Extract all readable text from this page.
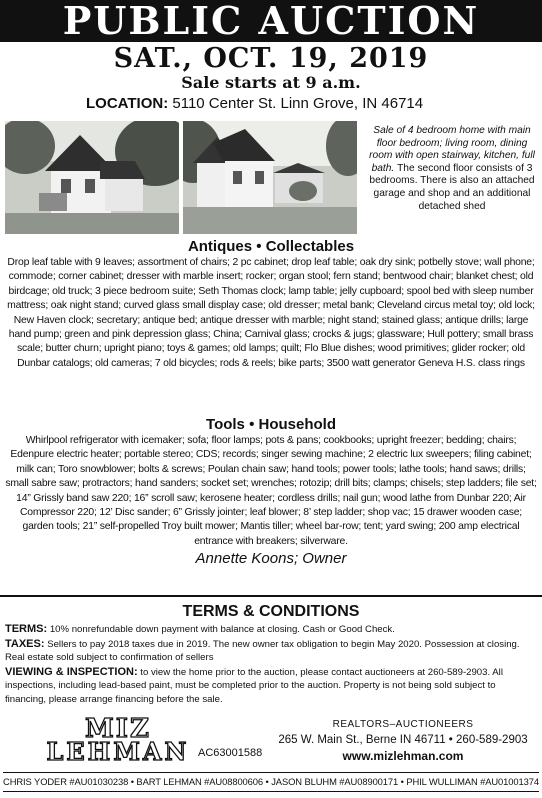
PUBLIC AUCTION
SAT., OCT. 19, 2019
Sale starts at 9 a.m.
LOCATION: 5110 Center St. Linn Grove, IN 46714
Sale of 4 bedroom home with main floor bedroom; living room, dining room with open stairway, kitchen, full bath. The second floor consists of 3 bedrooms. There is also an attached garage and shop and an additional detached shed
Antiques • Collectables
Drop leaf table with 9 leaves; assortment of chairs; 2 pc cabinet; drop leaf table; oak dry sink; potbelly stove; wall phone; commode; corner cabinet; dresser with marble insert; rocker; organ stool; fern stand; bentwood chair; blanket chest; old birdcage; old truck; 3 piece bedroom suite; Seth Thomas clock; lamp table; jelly cupboard; spool bed with sleep number mattress; oak night stand; curved glass small display case; old dresser; metal bank; Cleveland circus metal toy; old lock; New Haven clock; secretary; antique bed; antique dresser with marble; night stand; stained glass; antique drills; large hand pump; green and pink depression glass; China; Carnival glass; crocks & jugs; glassware; Hull pottery; small brass scale; butter churn; upright piano; toys & games; old lamps; quilt; Flo Blue dishes; wood primitives; glider rocker; old Dunbar catalogs; old cameras; 7 old bicycles; rods & reels; bike parts; 3500 watt generator Geneva H.S. class rings
Tools • Household
Whirlpool refrigerator with icemaker; sofa; floor lamps; pots & pans; cookbooks; upright freezer; bedding; chairs; Edenpure electric heater; portable stereo; CDS; records; singer sewing machine; 2 electric lux sweepers; filing cabinet; milk can; Toro snowblower; bolts & screws; Poulan chain saw; hand tools; power tools; lathe tools; hand saws; drills; small sabre saw; protractors; hand sanders; socket set; wrenches; rotozip; drill bits; clamps; chisels; step ladders; file set; 14” Grissly band saw 220; 16” scroll saw; kerosene heater; cordless drills; nail gun; wood lathe from Dunbar 220; Air Compressor 220; 12’ Disc sander; 6” Grissly jointer; leaf blower; 8’ step ladder; shop vac; 15 drawer wooden case; garden tools; 21” self-propelled Troy built mower; Mantis tiller; wheel bar-row; tent; yard swing; 200 amp electrical entrance with breakers; silverware.
Annette Koons; Owner
TERMS & CONDITIONS

TERMS: 10% nonrefundable down payment with balance at closing. Cash or Good Check.

TAXES: Sellers to pay 2018 taxes due in 2019. The new owner tax obligation to begin May 2020. Possession at closing. Real estate sold subject to confirmation of sellers

VIEWING & INSPECTION: to view the home prior to the auction, please contact auctioneers at 260-589-2903. All inspections, including lead-based paint, must be completed prior to the auction. Property is not being sold subject to financing, please arrange financing before the sale.

MIZ
LEHMAN AC63001588
REALTORS–AUCTIONEERS
265 W. Main St., Berne IN 46711 • 260-589-2903
www.mizlehman.com
CHRIS YODER #AU01030238 • BART LEHMAN #AU08800606 • JASON BLUHM #AU08900171 • PHIL WULLIMAN #AU01001374
